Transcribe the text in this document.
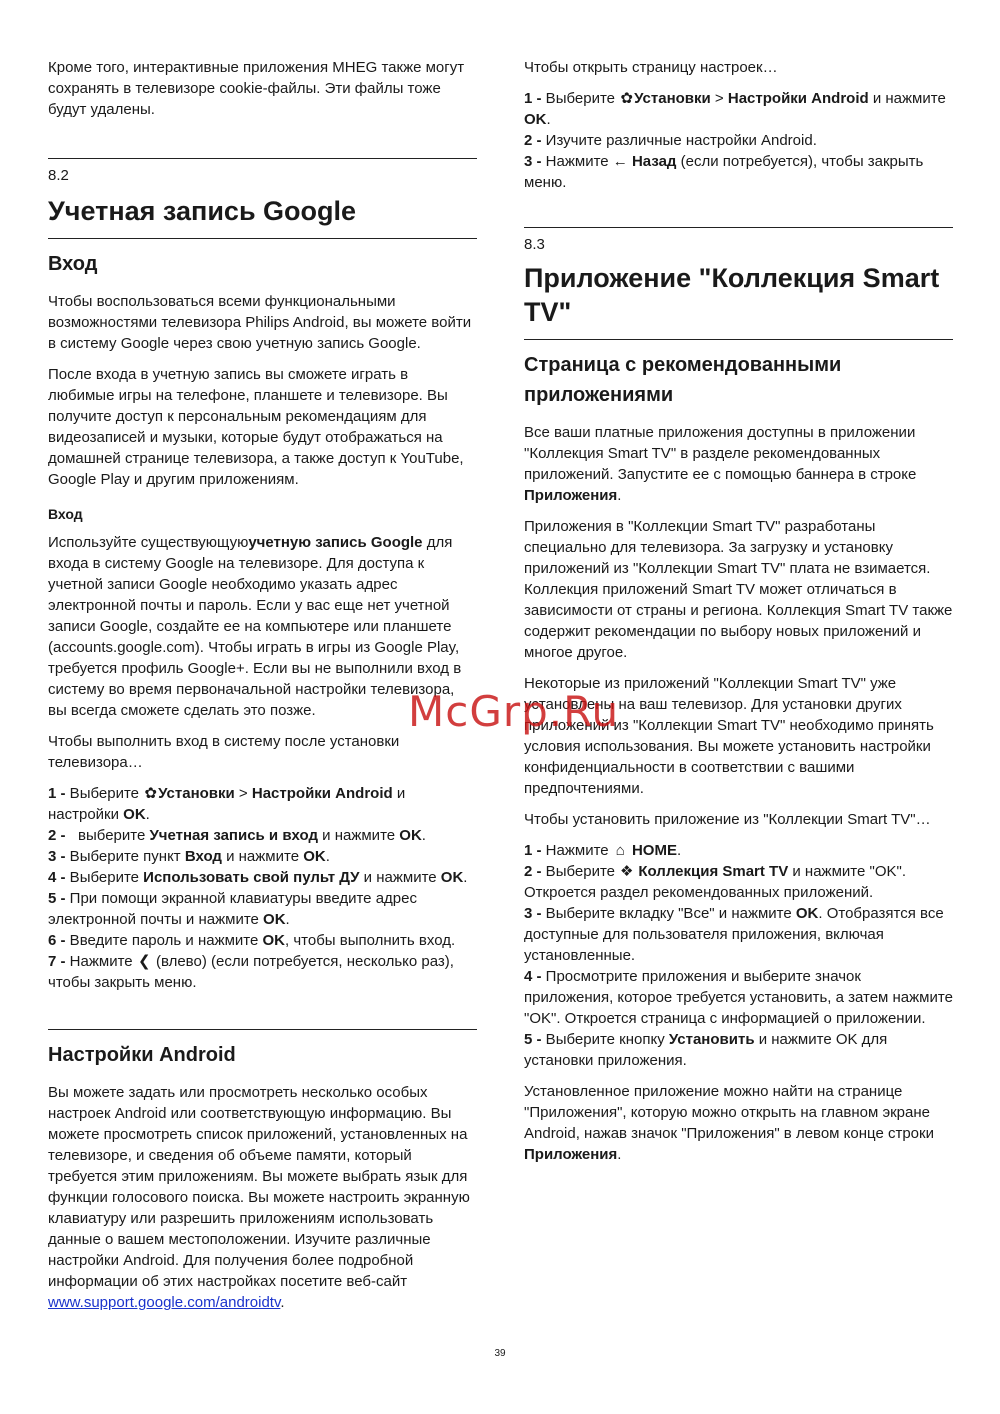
Кроме того, интерактивные приложения MHEG также могут сохранять в телевизоре cookie-файлы. Эти файлы тоже будут удалены.

8.2
Учетная запись Google
Вход

Чтобы воспользоваться всеми функциональными возможностями телевизора Philips Android, вы можете войти в систему Google через свою учетную запись Google.

После входа в учетную запись вы сможете играть в любимые игры на телефоне, планшете и телевизоре. Вы получите доступ к персональным рекомендациям для видеозаписей и музыки, которые будут отображаться на домашней странице телевизора, а также доступ к YouTube, Google Play и другим приложениям.

Вход

Используйте существующуюучетную запись Google для входа в систему Google на телевизоре. Для доступа к учетной записи Google необходимо указать адрес электронной почты и пароль. Если у вас еще нет учетной записи Google, создайте ее на компьютере или планшете (accounts.google.com). Чтобы играть в игры из Google Play, требуется профиль Google+. Если вы не выполнили вход в систему во время первоначальной настройки телевизора, вы всегда сможете сделать это позже.

Чтобы выполнить вход в систему после установки телевизора…

1 - Выберите ✿Установки > Настройки Android и настройки OK.
2 -   выберите Учетная запись и вход и нажмите OK.
3 - Выберите пункт Вход и нажмите OK.
4 - Выберите Использовать свой пульт ДУ и нажмите OK.
5 - При помощи экранной клавиатуры введите адрес электронной почты и нажмите OK.
6 - Введите пароль и нажмите OK, чтобы выполнить вход.
7 - Нажмите ❮ (влево) (если потребуется, несколько раз), чтобы закрыть меню.
Настройки Android

Вы можете задать или просмотреть несколько особых настроек Android или соответствующую информацию. Вы можете просмотреть список приложений, установленных на телевизоре, и сведения об объеме памяти, который требуется этим приложениям. Вы можете выбрать язык для функции голосового поиска. Вы можете настроить экранную клавиатуру или разрешить приложениям использовать данные о вашем местоположении. Изучите различные настройки Android. Для получения более подробной информации об этих настройках посетите веб-сайт www.support.google.com/androidtv.

Чтобы открыть страницу настроек…

1 - Выберите ✿Установки > Настройки Android и нажмите OK.
2 - Изучите различные настройки Android.
3 - Нажмите ← Назад (если потребуется), чтобы закрыть меню.
8.3
Приложение "Коллекция Smart TV"
Страница с рекомендованными приложениями

Все ваши платные приложения доступны в приложении "Коллекция Smart TV" в разделе рекомендованных приложений. Запустите ее с помощью баннера в строке Приложения.

Приложения в "Коллекции Smart TV" разработаны специально для телевизора. За загрузку и установку приложений из "Коллекции Smart TV" плата не взимается. Коллекция приложений Smart TV может отличаться в зависимости от страны и региона. Коллекция Smart TV также содержит рекомендации по выбору новых приложений и многое другое.

Некоторые из приложений "Коллекции Smart TV" уже установлены на ваш телевизор. Для установки других приложений из "Коллекции Smart TV" необходимо принять условия использования. Вы можете установить настройки конфиденциальности в соответствии с вашими предпочтениями.

Чтобы установить приложение из "Коллекции Smart TV"…

1 - Нажмите ⌂ HOME.
2 - Выберите ❖ Коллекция Smart TV и нажмите "OK". Откроется раздел рекомендованных приложений.
3 - Выберите вкладку "Все" и нажмите OK. Отобразятся все доступные для пользователя приложения, включая установленные.
4 - Просмотрите приложения и выберите значок приложения, которое требуется установить, а затем нажмите "OK". Откроется страница с информацией о приложении.
5 - Выберите кнопку Установить и нажмите OK для установки приложения.

Установленное приложение можно найти на странице "Приложения", которую можно открыть на главном экране Android, нажав значок "Приложения" в левом конце строки Приложения.

McGrp.Ru
39
